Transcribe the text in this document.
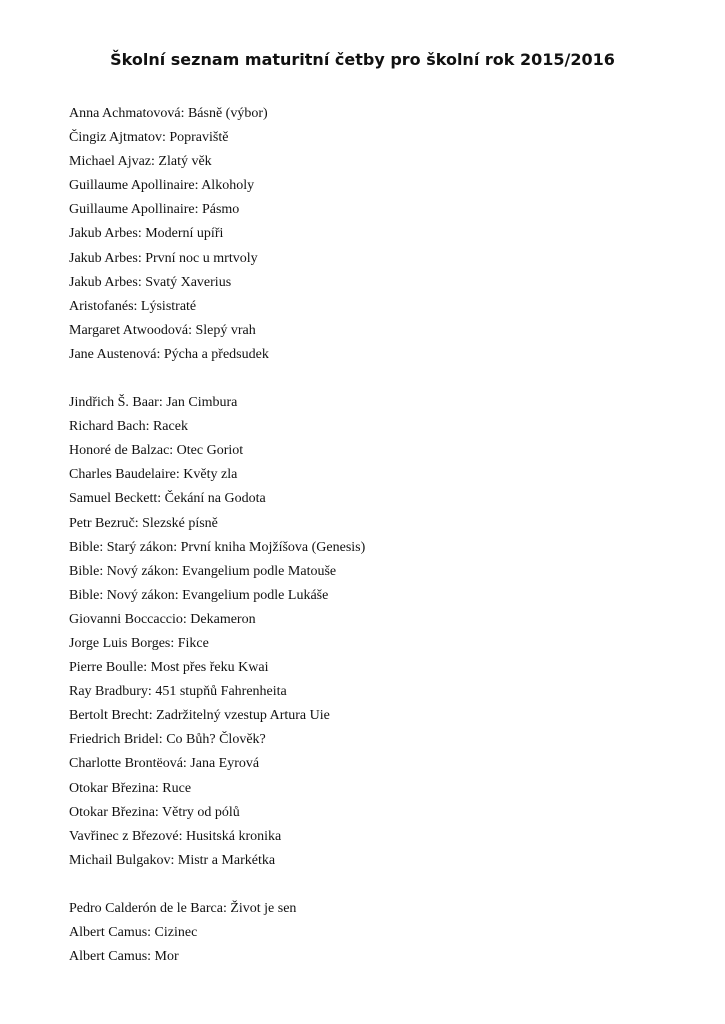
Školní seznam maturitní četby pro školní rok 2015/2016
Anna Achmatovová: Básně (výbor)
Čingiz Ajtmatov: Popraviště
Michael Ajvaz: Zlatý věk
Guillaume Apollinaire: Alkoholy
Guillaume Apollinaire: Pásmo
Jakub Arbes: Moderní upíři
Jakub Arbes: První noc u mrtvoly
Jakub Arbes: Svatý Xaverius
Aristofanés: Lýsistraté
Margaret Atwoodová: Slepý vrah
Jane Austenová: Pýcha a předsudek
Jindřich Š. Baar: Jan Cimbura
Richard Bach: Racek
Honoré de Balzac: Otec Goriot
Charles Baudelaire: Květy zla
Samuel Beckett: Čekání na Godota
Petr Bezruč: Slezské písně
Bible: Starý zákon: První kniha Mojžíšova (Genesis)
Bible: Nový zákon: Evangelium podle Matouše
Bible: Nový zákon: Evangelium podle Lukáše
Giovanni Boccaccio: Dekameron
Jorge Luis Borges: Fikce
Pierre Boulle: Most přes řeku Kwai
Ray Bradbury: 451 stupňů Fahrenheita
Bertolt Brecht: Zadržitelný vzestup Artura Uie
Friedrich Bridel: Co Bůh? Člověk?
Charlotte Brontëová: Jana Eyrová
Otokar Březina: Ruce
Otokar Březina: Větry od pólů
Vavřinec z Březové: Husitská kronika
Michail Bulgakov: Mistr a Markétka
Pedro Calderón de le Barca: Život je sen
Albert Camus: Cizinec
Albert Camus: Mor
